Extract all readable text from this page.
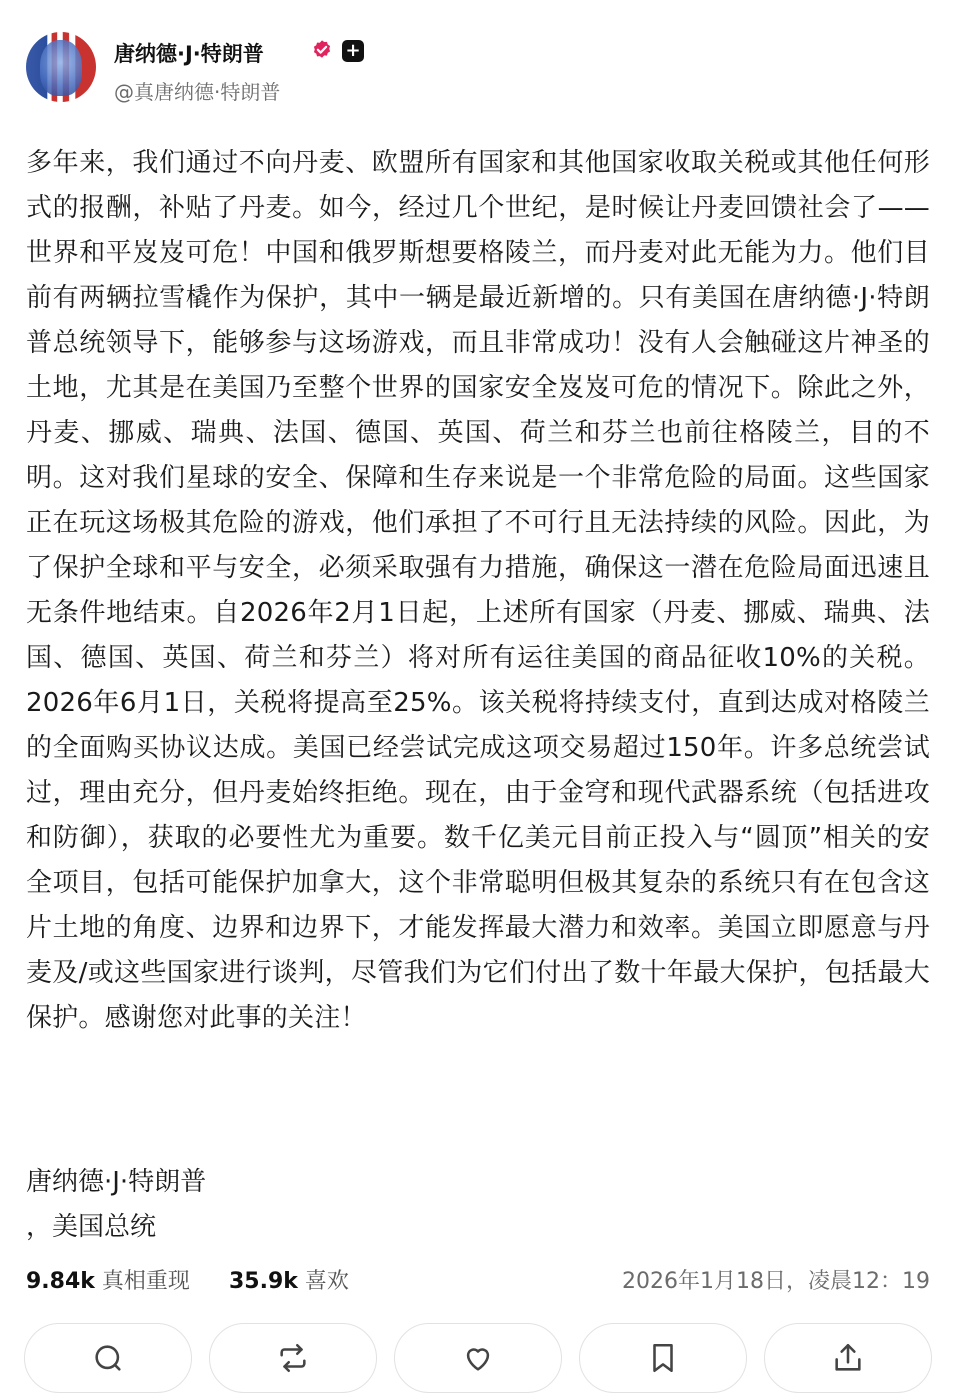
唐纳德·J·特朗普	+
@真唐纳德·特朗普
多年来，我们通过不向丹麦、欧盟所有国家和其他国家收取关税或其他任何形式的报酬，补贴了丹麦。如今，经过几个世纪，是时候让丹麦回馈社会了——世界和平岌岌可危！中国和俄罗斯想要格陵兰，而丹麦对此无能为力。他们目前有两辆拉雪橇作为保护，其中一辆是最近新增的。只有美国在唐纳德·J·特朗普总统领导下，能够参与这场游戏，而且非常成功！没有人会触碰这片神圣的土地，尤其是在美国乃至整个世界的国家安全岌岌可危的情况下。除此之外，丹麦、挪威、瑞典、法国、德国、英国、荷兰和芬兰也前往格陵兰，目的不明。这对我们星球的安全、保障和生存来说是一个非常危险的局面。这些国家正在玩这场极其危险的游戏，他们承担了不可行且无法持续的风险。因此，为了保护全球和平与安全，必须采取强有力措施，确保这一潜在危险局面迅速且无条件地结束。自2026年2月1日起，上述所有国家（丹麦、挪威、瑞典、法国、德国、英国、荷兰和芬兰）将对所有运往美国的商品征收10%的关税。2026年6月1日，关税将提高至25%。该关税将持续支付，直到达成对格陵兰的全面购买协议达成。美国已经尝试完成这项交易超过150年。许多总统尝试过，理由充分，但丹麦始终拒绝。现在，由于金穹和现代武器系统（包括进攻和防御），获取的必要性尤为重要。数千亿美元目前正投入与“圆顶”相关的安全项目，包括可能保护加拿大，这个非常聪明但极其复杂的系统只有在包含这片土地的角度、边界和边界下，才能发挥最大潜力和效率。美国立即愿意与丹麦及/或这些国家进行谈判，尽管我们为它们付出了数十年最大保护，包括最大保护。感谢您对此事的关注！
唐纳德·J·特朗普
，美国总统
9.84k 真相重现 35.9k 喜欢	2026年1月18日，凌晨12：19
